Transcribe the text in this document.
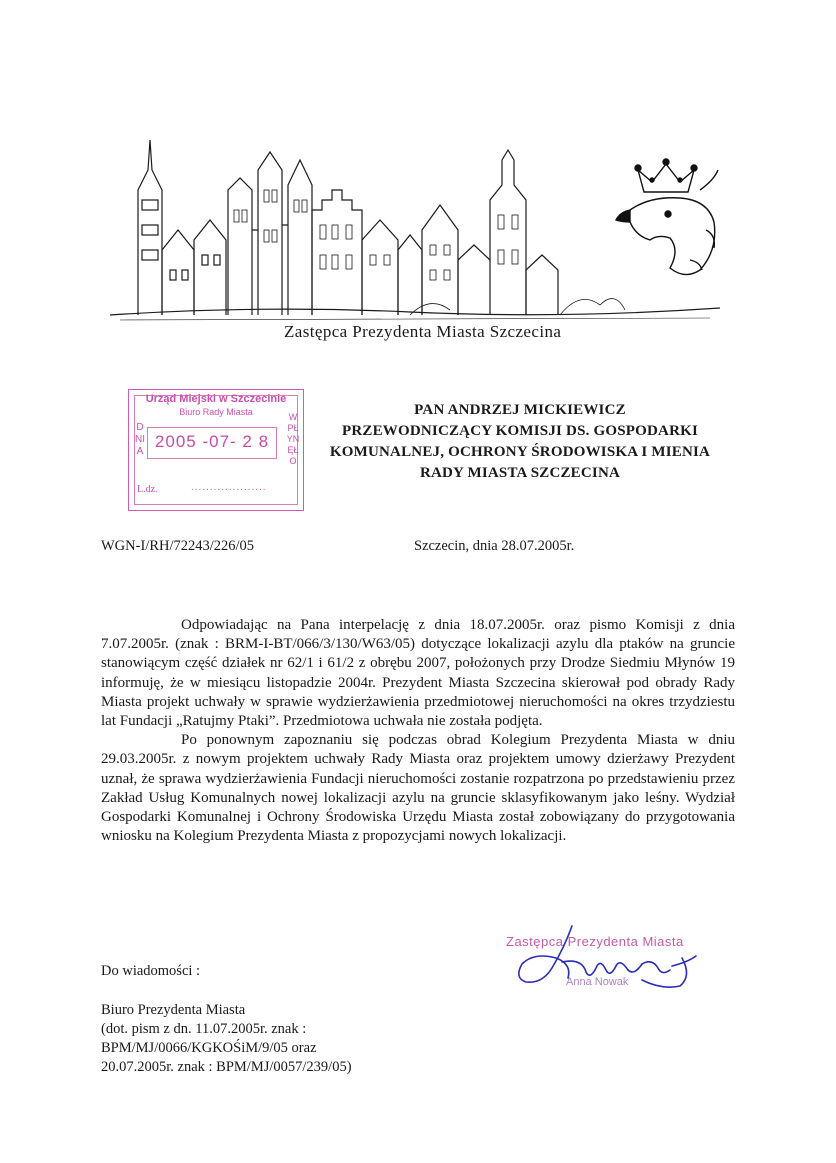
Zastępca Prezydenta Miasta Szczecina
Urząd Miejski w Szczecinie
Biuro Rady Miasta
DNIA
WPŁYNĘŁO
2005 -07- 2 8
L.dz.	....................
PAN ANDRZEJ MICKIEWICZ
PRZEWODNICZĄCY KOMISJI DS. GOSPODARKI
KOMUNALNEJ, OCHRONY ŚRODOWISKA I MIENIA
RADY MIASTA SZCZECINA
WGN-I/RH/72243/226/05	Szczecin, dnia 28.07.2005r.

Odpowiadając na Pana interpelację z dnia 18.07.2005r. oraz pismo Komisji z dnia 7.07.2005r. (znak : BRM-I-BT/066/3/130/W63/05) dotyczące lokalizacji azylu dla ptaków na gruncie stanowiącym część działek nr 62/1 i 61/2 z obrębu 2007, położonych przy Drodze Siedmiu Młynów 19 informuję, że w miesiącu listopadzie 2004r. Prezydent Miasta Szczecina skierował pod obrady Rady Miasta projekt uchwały w sprawie wydzierżawienia przedmiotowej nieruchomości na okres trzydziestu lat Fundacji „Ratujmy Ptaki”. Przedmiotowa uchwała nie została podjęta.

Po ponownym zapoznaniu się podczas obrad Kolegium Prezydenta Miasta w dniu 29.03.2005r. z nowym projektem uchwały Rady Miasta oraz projektem umowy dzierżawy Prezydent uznał, że sprawa wydzierżawienia Fundacji nieruchomości zostanie rozpatrzona po przedstawieniu przez Zakład Usług Komunalnych nowej lokalizacji azylu na gruncie sklasyfikowanym jako leśny. Wydział Gospodarki Komunalnej i Ochrony Środowiska Urzędu Miasta został zobowiązany do przygotowania wniosku na Kolegium Prezydenta Miasta z propozycjami nowych lokalizacji.

Zastępca Prezydenta Miasta
Anna Nowak
Do wiadomości :
Biuro Prezydenta Miasta
(dot. pism z dn. 11.07.2005r. znak :
BPM/MJ/0066/KGKOŚiM/9/05 oraz
20.07.2005r. znak : BPM/MJ/0057/239/05)
